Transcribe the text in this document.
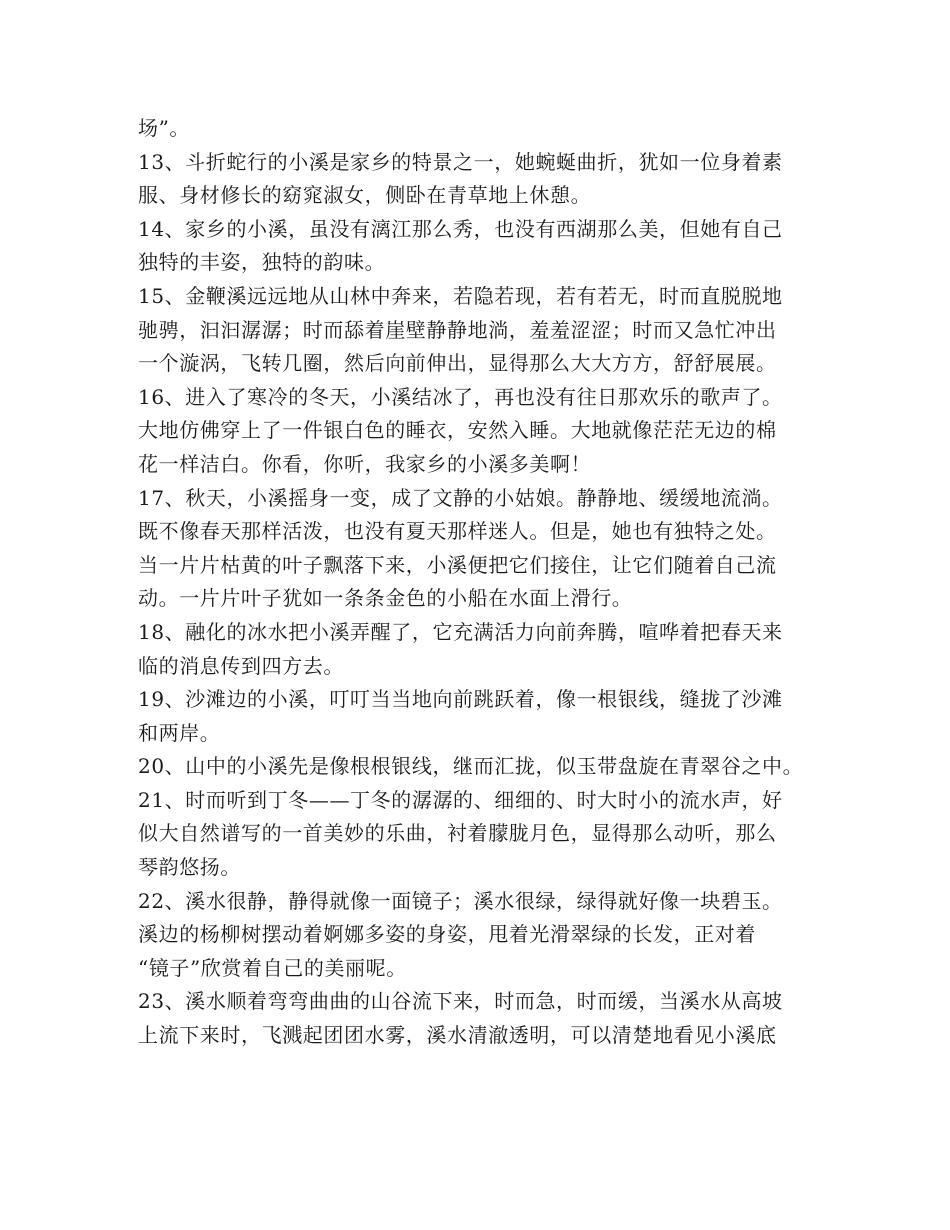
场”。
13、斗折蛇行的小溪是家乡的特景之一，她蜿蜒曲折，犹如一位身着素
服、身材修长的窈窕淑女，侧卧在青草地上休憩。
14、家乡的小溪，虽没有漓江那么秀，也没有西湖那么美，但她有自己
独特的丰姿，独特的韵味。
15、金鞭溪远远地从山林中奔来，若隐若现，若有若无，时而直脱脱地
驰骋，汩汩潺潺；时而舔着崖壁静静地淌，羞羞涩涩；时而又急忙冲出
一个漩涡，飞转几圈，然后向前伸出，显得那么大大方方，舒舒展展。
16、进入了寒冷的冬天，小溪结冰了，再也没有往日那欢乐的歌声了。
大地仿佛穿上了一件银白色的睡衣，安然入睡。大地就像茫茫无边的棉
花一样洁白。你看，你听，我家乡的小溪多美啊！
17、秋天，小溪摇身一变，成了文静的小姑娘。静静地、缓缓地流淌。
既不像春天那样活泼，也没有夏天那样迷人。但是，她也有独特之处。
当一片片枯黄的叶子飘落下来，小溪便把它们接住，让它们随着自己流
动。一片片叶子犹如一条条金色的小船在水面上滑行。
18、融化的冰水把小溪弄醒了，它充满活力向前奔腾，喧哗着把春天来
临的消息传到四方去。
19、沙滩边的小溪，叮叮当当地向前跳跃着，像一根银线，缝拢了沙滩
和两岸。
20、山中的小溪先是像根根银线，继而汇拢，似玉带盘旋在青翠谷之中。
21、时而听到丁冬——丁冬的潺潺的、细细的、时大时小的流水声，好
似大自然谱写的一首美妙的乐曲，衬着朦胧月色，显得那么动听，那么
琴韵悠扬。
22、溪水很静，静得就像一面镜子；溪水很绿，绿得就好像一块碧玉。
溪边的杨柳树摆动着婀娜多姿的身姿，甩着光滑翠绿的长发，正对着
“镜子”欣赏着自己的美丽呢。
23、溪水顺着弯弯曲曲的山谷流下来，时而急，时而缓，当溪水从高坡
上流下来时，飞溅起团团水雾，溪水清澈透明，可以清楚地看见小溪底
